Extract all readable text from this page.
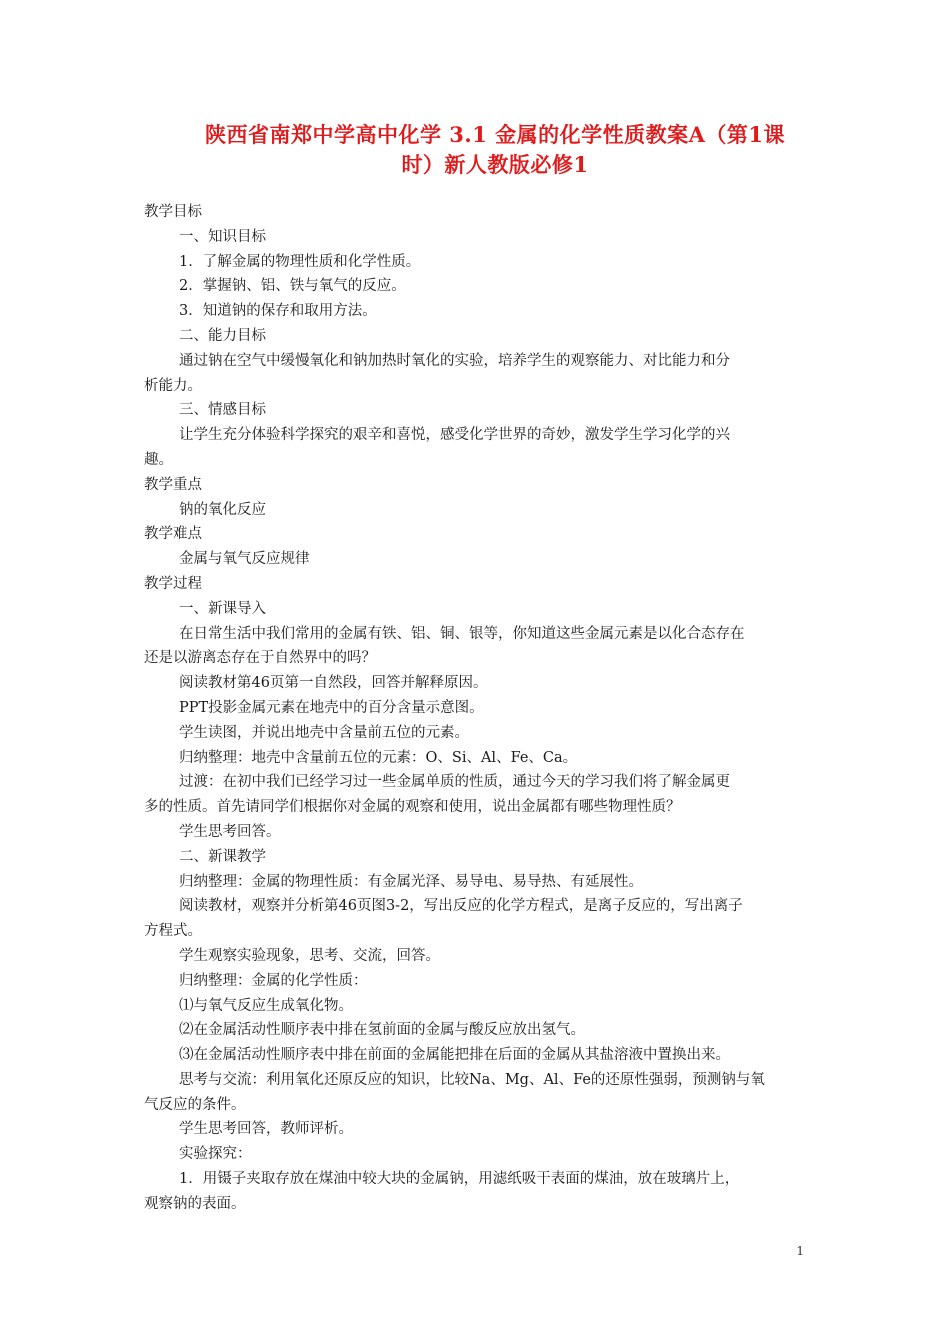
陕西省南郑中学高中化学 3.1 金属的化学性质教案A（第1课
时）新人教版必修1
教学目标
一、知识目标
1．了解金属的物理性质和化学性质。
2．掌握钠、铝、铁与氧气的反应。
3．知道钠的保存和取用方法。
二、能力目标
通过钠在空气中缓慢氧化和钠加热时氧化的实验，培养学生的观察能力、对比能力和分
析能力。
三、情感目标
让学生充分体验科学探究的艰辛和喜悦，感受化学世界的奇妙，激发学生学习化学的兴
趣。
教学重点
钠的氧化反应
教学难点
金属与氧气反应规律
教学过程
一、新课导入
在日常生活中我们常用的金属有铁、铝、铜、银等，你知道这些金属元素是以化合态存在
还是以游离态存在于自然界中的吗？
阅读教材第46页第一自然段，回答并解释原因。
PPT投影金属元素在地壳中的百分含量示意图。
学生读图，并说出地壳中含量前五位的元素。
归纳整理：地壳中含量前五位的元素：O、Si、Al、Fe、Ca。
过渡：在初中我们已经学习过一些金属单质的性质，通过今天的学习我们将了解金属更
多的性质。首先请同学们根据你对金属的观察和使用，说出金属都有哪些物理性质？
学生思考回答。
二、新课教学
归纳整理：金属的物理性质：有金属光泽、易导电、易导热、有延展性。
阅读教材，观察并分析第46页图3-2，写出反应的化学方程式，是离子反应的，写出离子
方程式。
学生观察实验现象，思考、交流，回答。
归纳整理：金属的化学性质：
⑴与氧气反应生成氧化物。
⑵在金属活动性顺序表中排在氢前面的金属与酸反应放出氢气。
⑶在金属活动性顺序表中排在前面的金属能把排在后面的金属从其盐溶液中置换出来。
思考与交流：利用氧化还原反应的知识，比较Na、Mg、Al、Fe的还原性强弱，预测钠与氧
气反应的条件。
学生思考回答，教师评析。
实验探究：
1．用镊子夹取存放在煤油中较大块的金属钠，用滤纸吸干表面的煤油，放在玻璃片上，
观察钠的表面。
1
